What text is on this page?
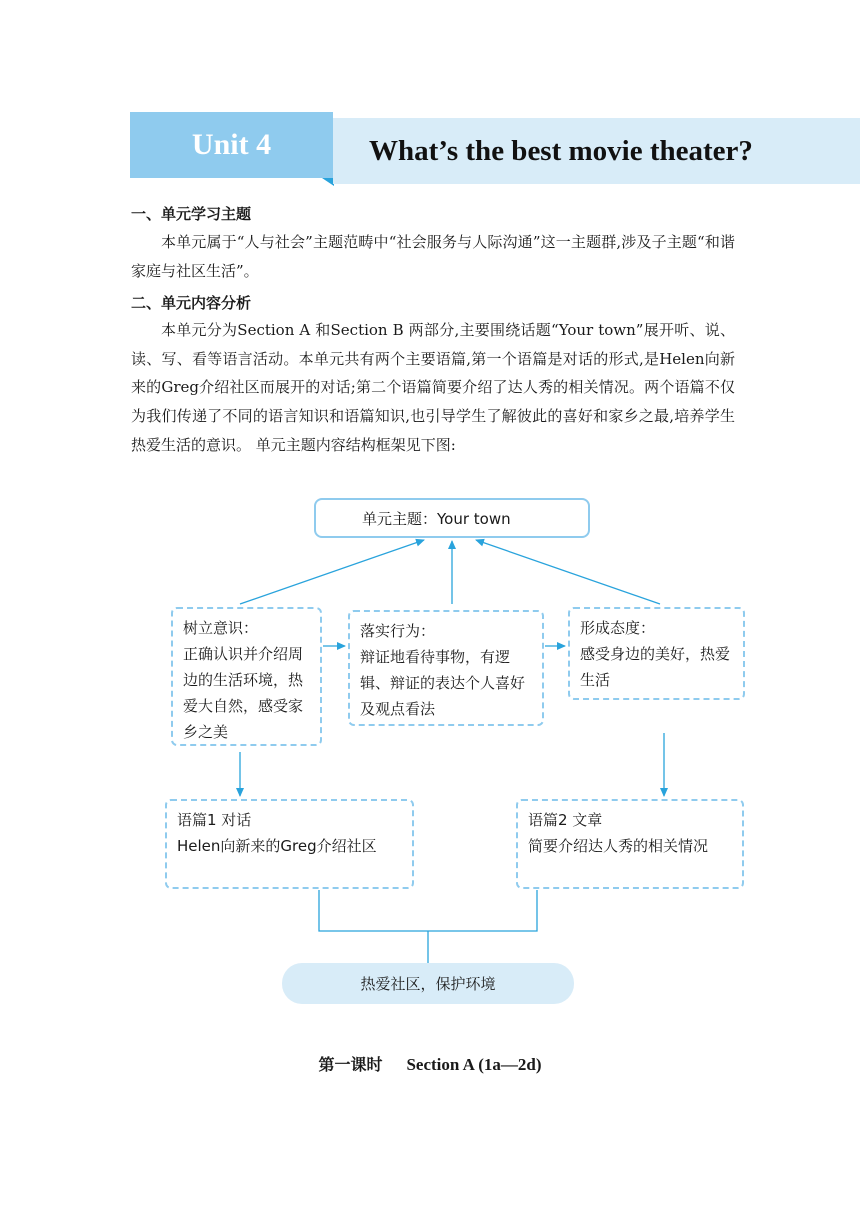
Unit 4	What’s the best movie theater?
一、单元学习主题
本单元属于“人与社会”主题范畴中“社会服务与人际沟通”这一主题群,涉及子主题“和谐家庭与社区生活”。
二、单元内容分析
本单元分为Section A 和Section B 两部分,主要围绕话题“Your town”展开听、说、读、写、看等语言活动。本单元共有两个主要语篇,第一个语篇是对话的形式,是Helen向新来的Greg介绍社区而展开的对话;第二个语篇简要介绍了达人秀的相关情况。两个语篇不仅为我们传递了不同的语言知识和语篇知识,也引导学生了解彼此的喜好和家乡之最,培养学生热爱生活的意识。 单元主题内容结构框架见下图:
单元主题：Your town
树立意识：
正确认识并介绍周边的生活环境，热爱大自然，感受家乡之美
落实行为：
辩证地看待事物，有逻辑、辩证的表达个人喜好及观点看法
形成态度：
感受身边的美好，热爱生活
语篇1 对话
Helen向新来的Greg介绍社区
语篇2 文章
简要介绍达人秀的相关情况
热爱社区，保护环境
第一课时 Section A (1a—2d)
